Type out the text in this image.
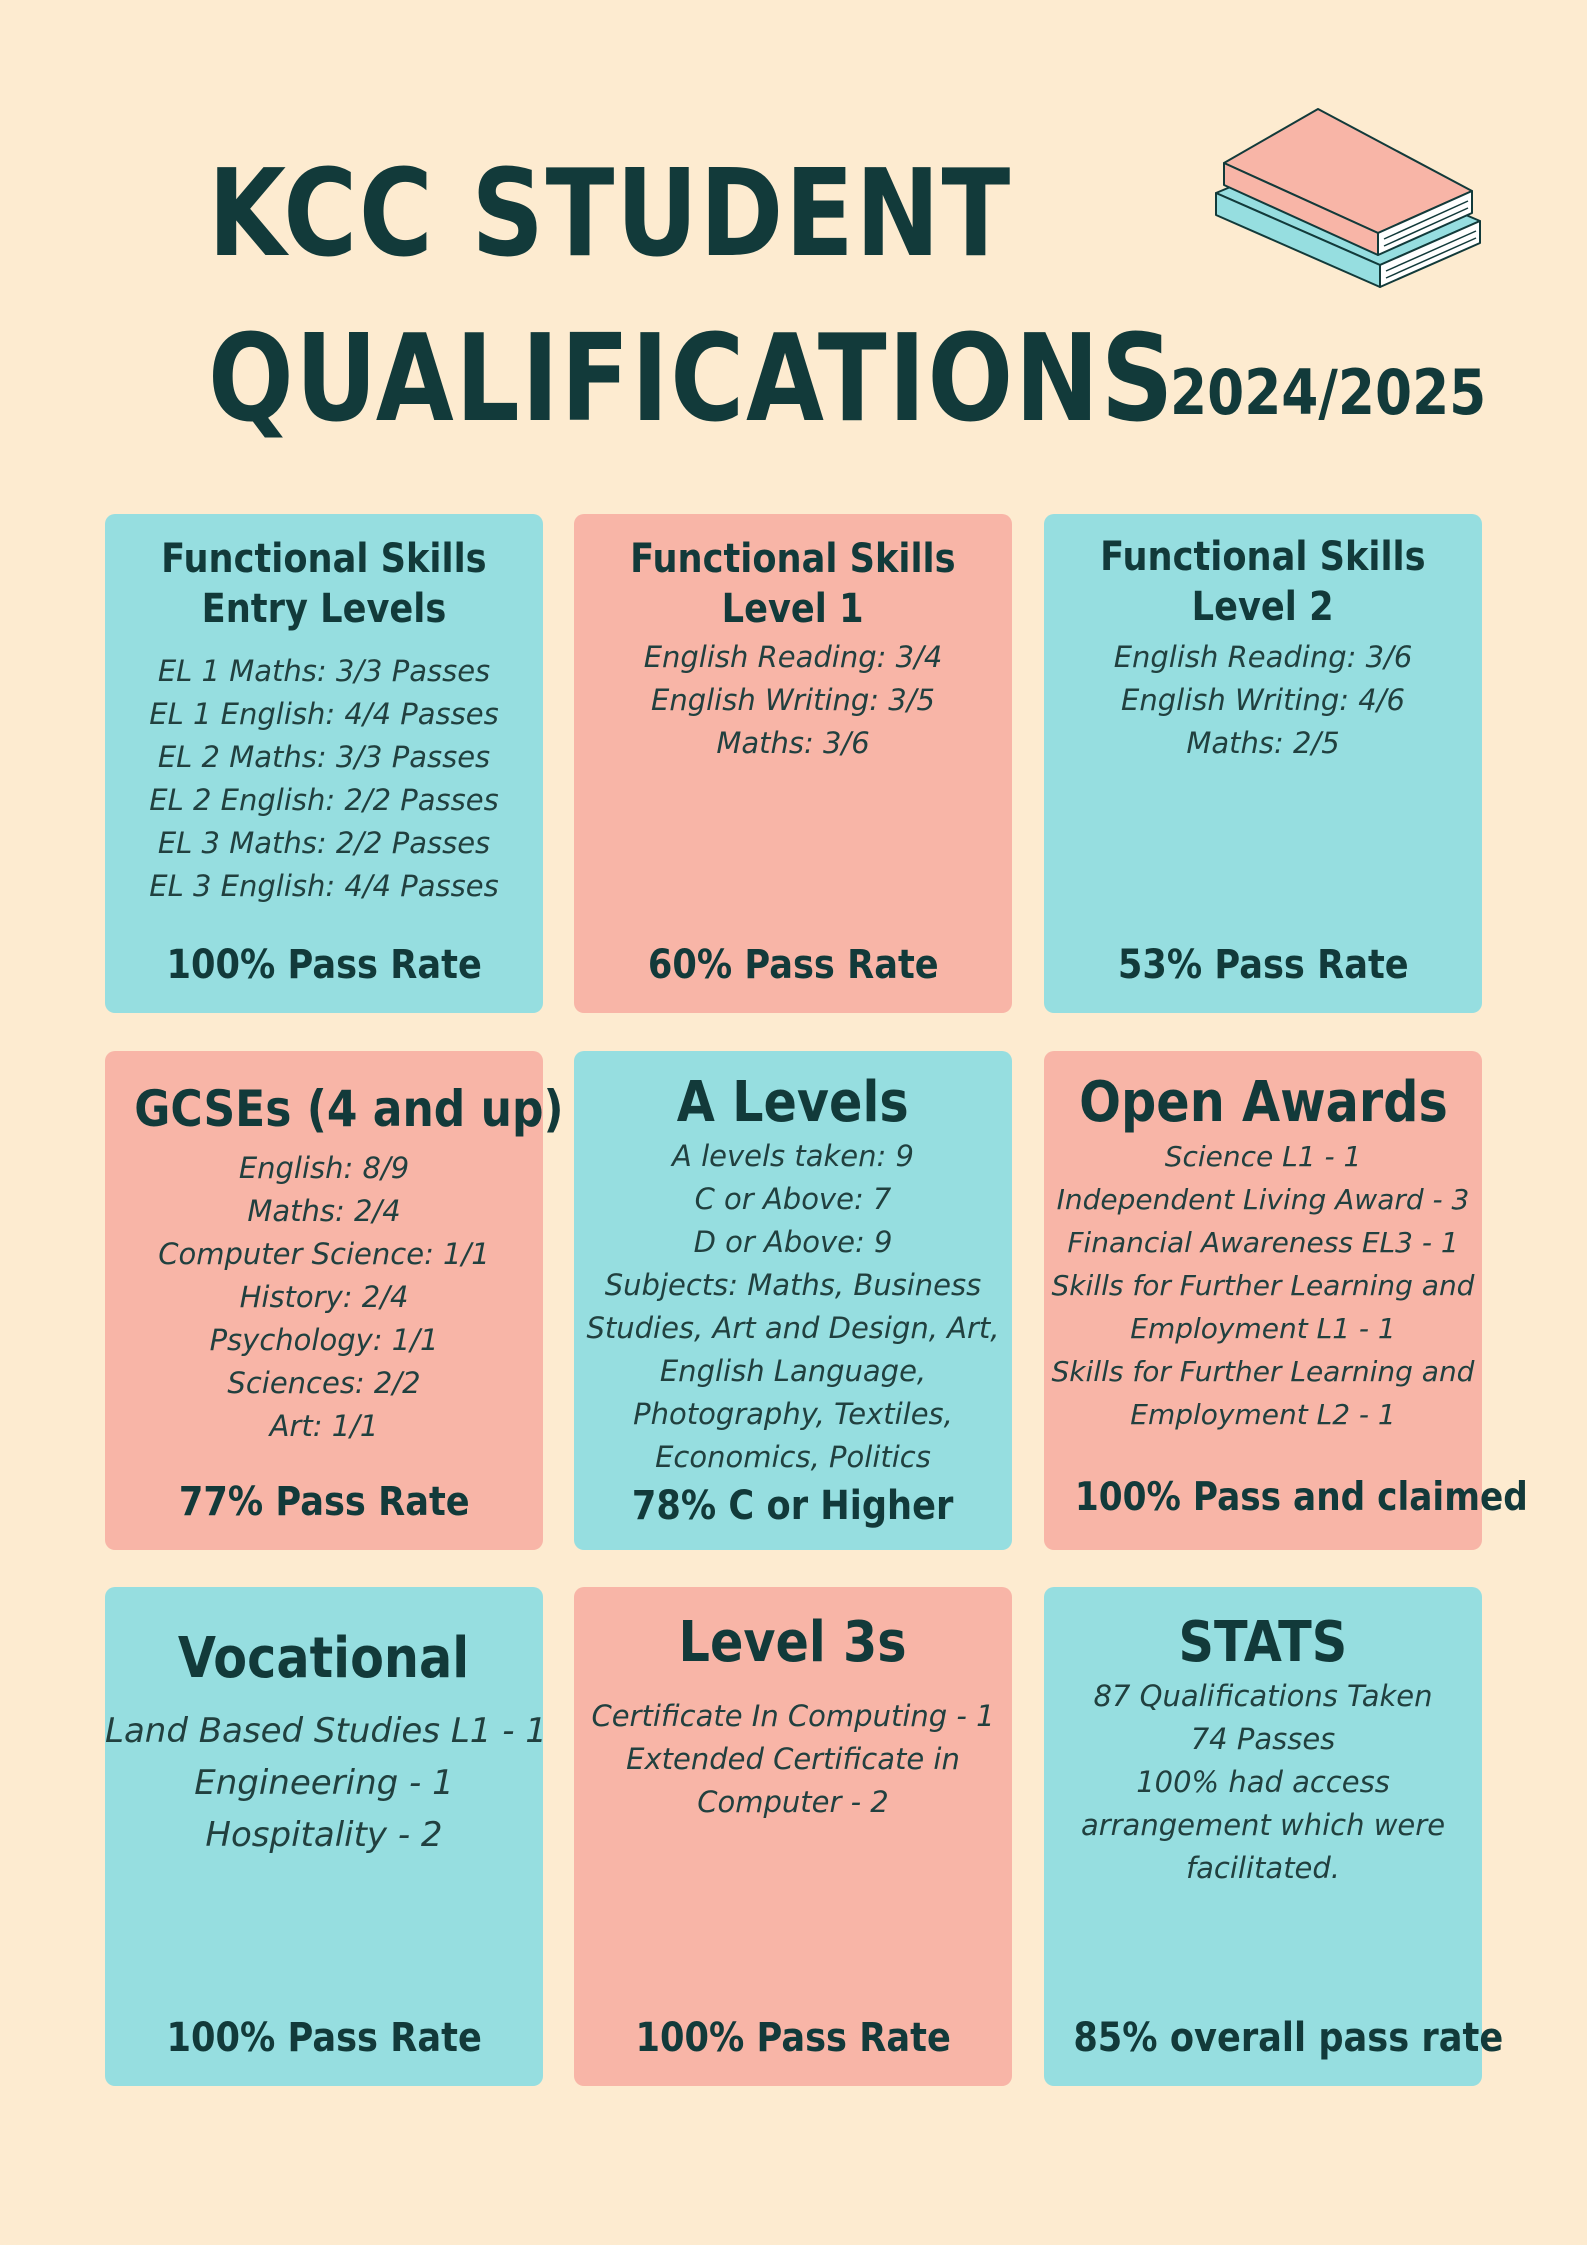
KCC STUDENT
QUALIFICATIONS
2024/2025
Functional Skills
Entry Levels
EL 1 Maths: 3/3 Passes
EL 1 English: 4/4 Passes
EL 2 Maths: 3/3 Passes
EL 2 English: 2/2 Passes
EL 3 Maths: 2/2 Passes
EL 3 English: 4/4 Passes
100% Pass Rate
Functional Skills
Level 1
English Reading: 3/4
English Writing: 3/5
Maths: 3/6
60% Pass Rate
Functional Skills
Level 2
English Reading: 3/6
English Writing: 4/6
Maths: 2/5
53% Pass Rate
GCSEs (4 and up)
English: 8/9
Maths: 2/4
Computer Science: 1/1
History: 2/4
Psychology: 1/1
Sciences: 2/2
Art: 1/1
77% Pass Rate
A Levels
A levels taken: 9
C or Above: 7
D or Above: 9
Subjects: Maths, Business
Studies, Art and Design, Art,
English Language,
Photography, Textiles,
Economics, Politics
78% C or Higher
Open Awards
Science L1 - 1
Independent Living Award - 3
Financial Awareness EL3 - 1
Skills for Further Learning and
Employment L1 - 1
Skills for Further Learning and
Employment L2 - 1
100% Pass and claimed
Vocational
Land Based Studies L1 - 1
Engineering - 1
Hospitality - 2
100% Pass Rate
Level 3s
Certificate In Computing - 1
Extended Certificate in
Computer - 2
100% Pass Rate
STATS
87 Qualifications Taken
74 Passes
100% had access
arrangement which were
facilitated.
85% overall pass rate
